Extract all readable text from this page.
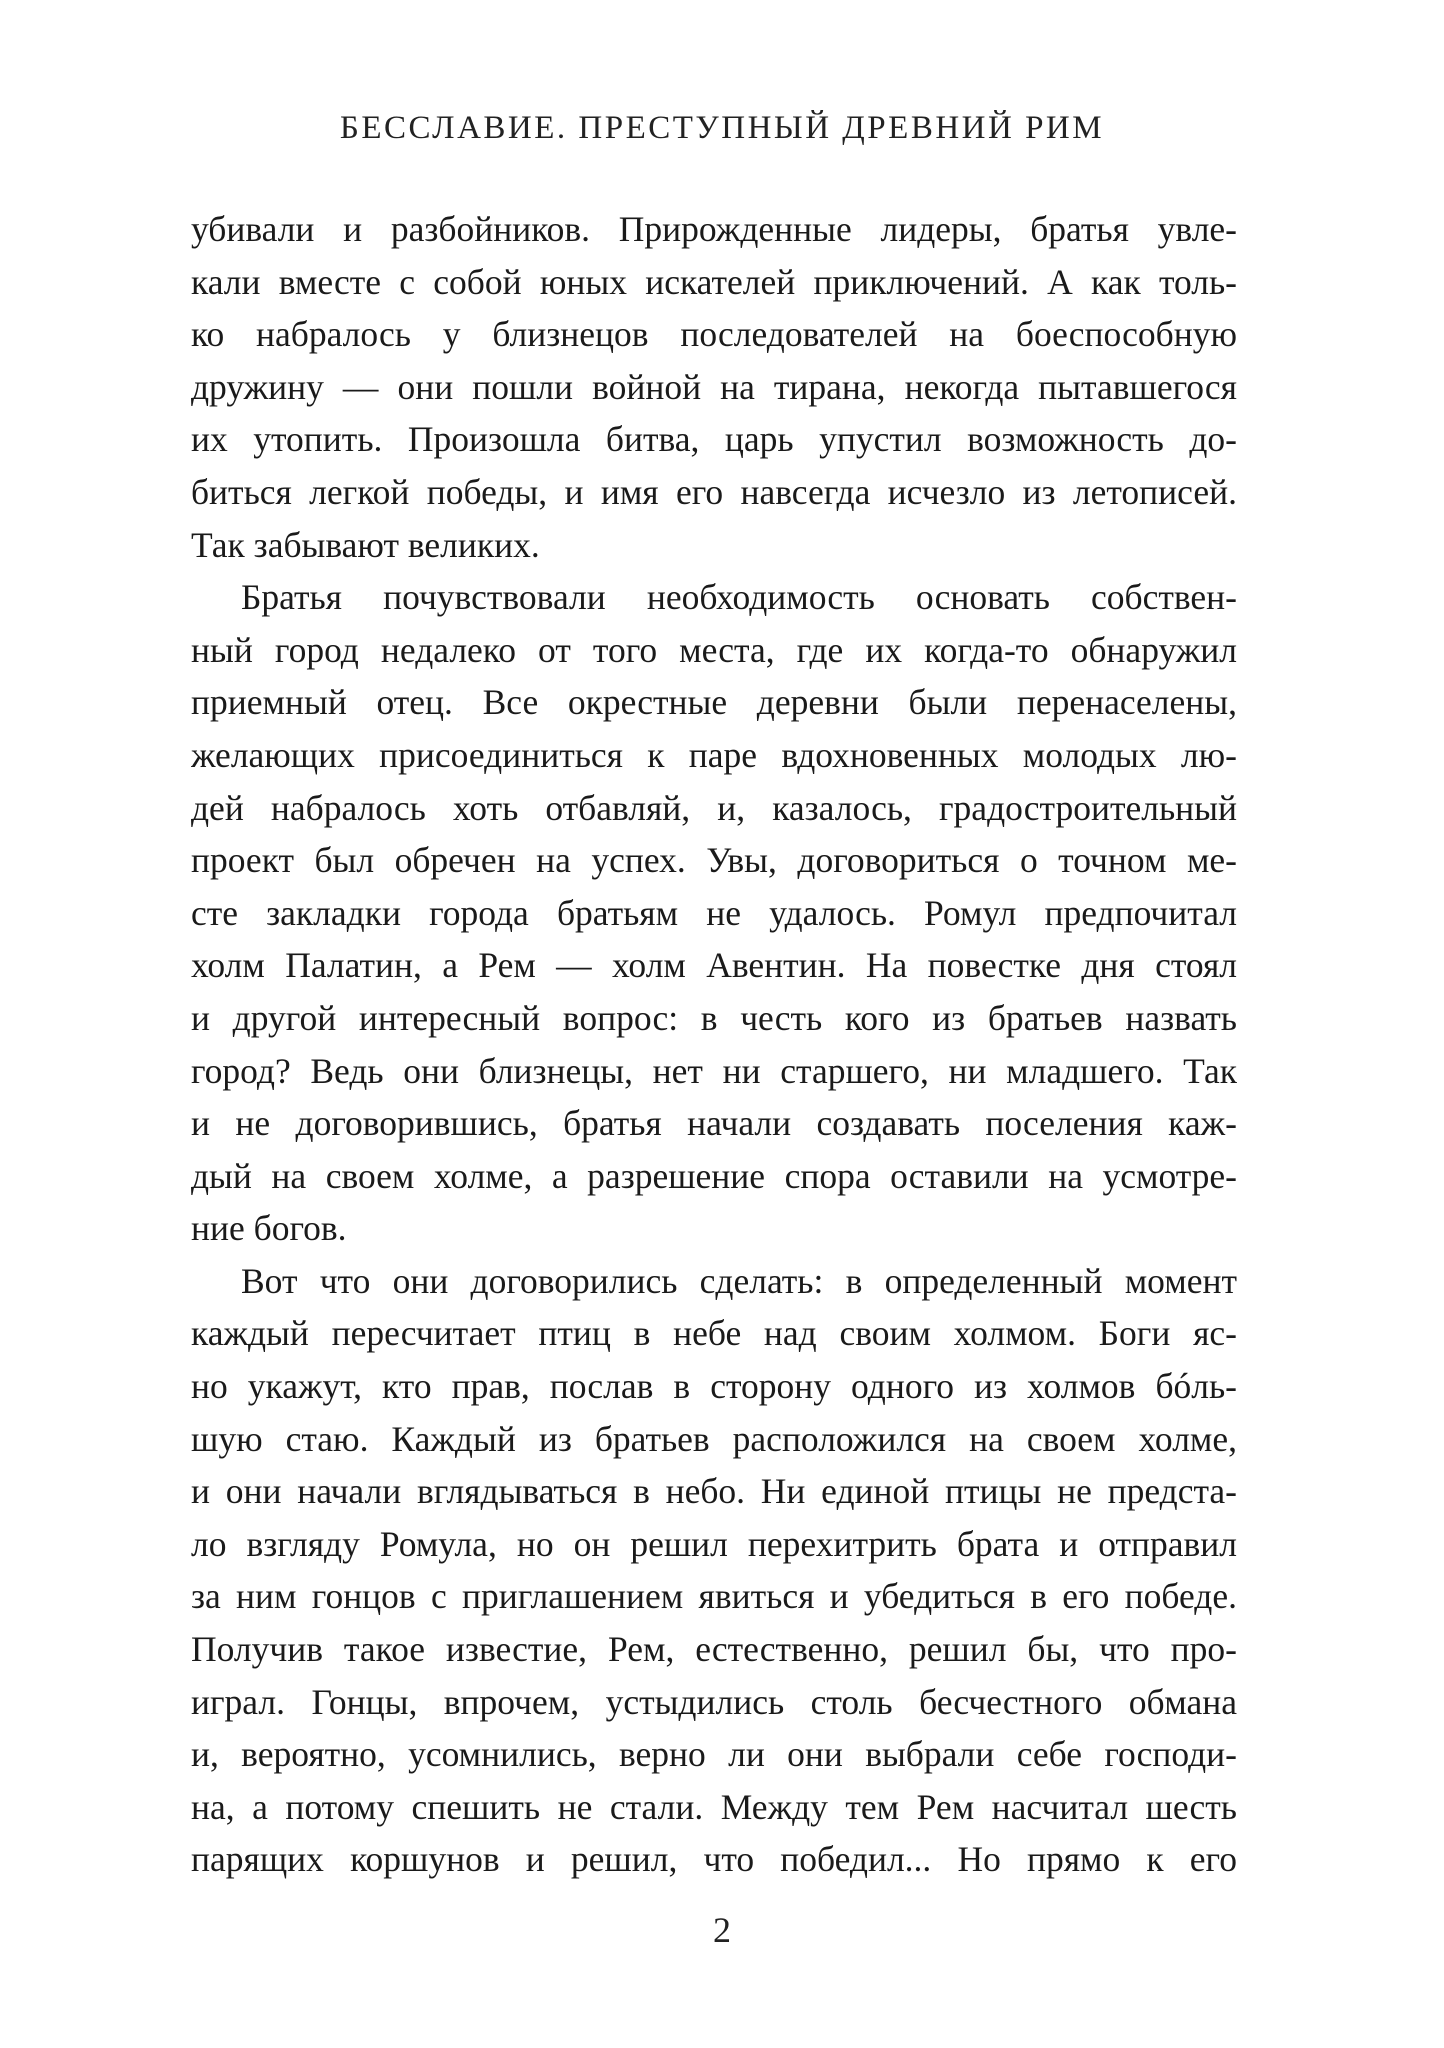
БЕССЛАВИЕ. ПРЕСТУПНЫЙ ДРЕВНИЙ РИМ
убивали и разбойников. Прирожденные лидеры, братья увле-
кали вместе с собой юных искателей приключений. А как толь-
ко набралось у близнецов последователей на боеспособную
дружину — они пошли войной на тирана, некогда пытавшегося
их утопить. Произошла битва, царь упустил возможность до-
биться легкой победы, и имя его навсегда исчезло из летописей.
Так забывают великих.
Братья почувствовали необходимость основать собствен-
ный город недалеко от того места, где их когда-то обнаружил
приемный отец. Все окрестные деревни были перенаселены,
желающих присоединиться к паре вдохновенных молодых лю-
дей набралось хоть отбавляй, и, казалось, градостроительный
проект был обречен на успех. Увы, договориться о точном ме-
сте закладки города братьям не удалось. Ромул предпочитал
холм Палатин, а Рем — холм Авентин. На повестке дня стоял
и другой интересный вопрос: в честь кого из братьев назвать
город? Ведь они близнецы, нет ни старшего, ни младшего. Так
и не договорившись, братья начали создавать поселения каж-
дый на своем холме, а разрешение спора оставили на усмотре-
ние богов.
Вот что они договорились сделать: в определенный момент
каждый пересчитает птиц в небе над своим холмом. Боги яс-
но укажут, кто прав, послав в сторону одного из холмов бóль-
шую стаю. Каждый из братьев расположился на своем холме,
и они начали вглядываться в небо. Ни единой птицы не предста-
ло взгляду Ромула, но он решил перехитрить брата и отправил
за ним гонцов с приглашением явиться и убедиться в его победе.
Получив такое известие, Рем, естественно, решил бы, что про-
играл. Гонцы, впрочем, устыдились столь бесчестного обмана
и, вероятно, усомнились, верно ли они выбрали себе господи-
на, а потому спешить не стали. Между тем Рем насчитал шесть
парящих коршунов и решил, что победил... Но прямо к его
2
